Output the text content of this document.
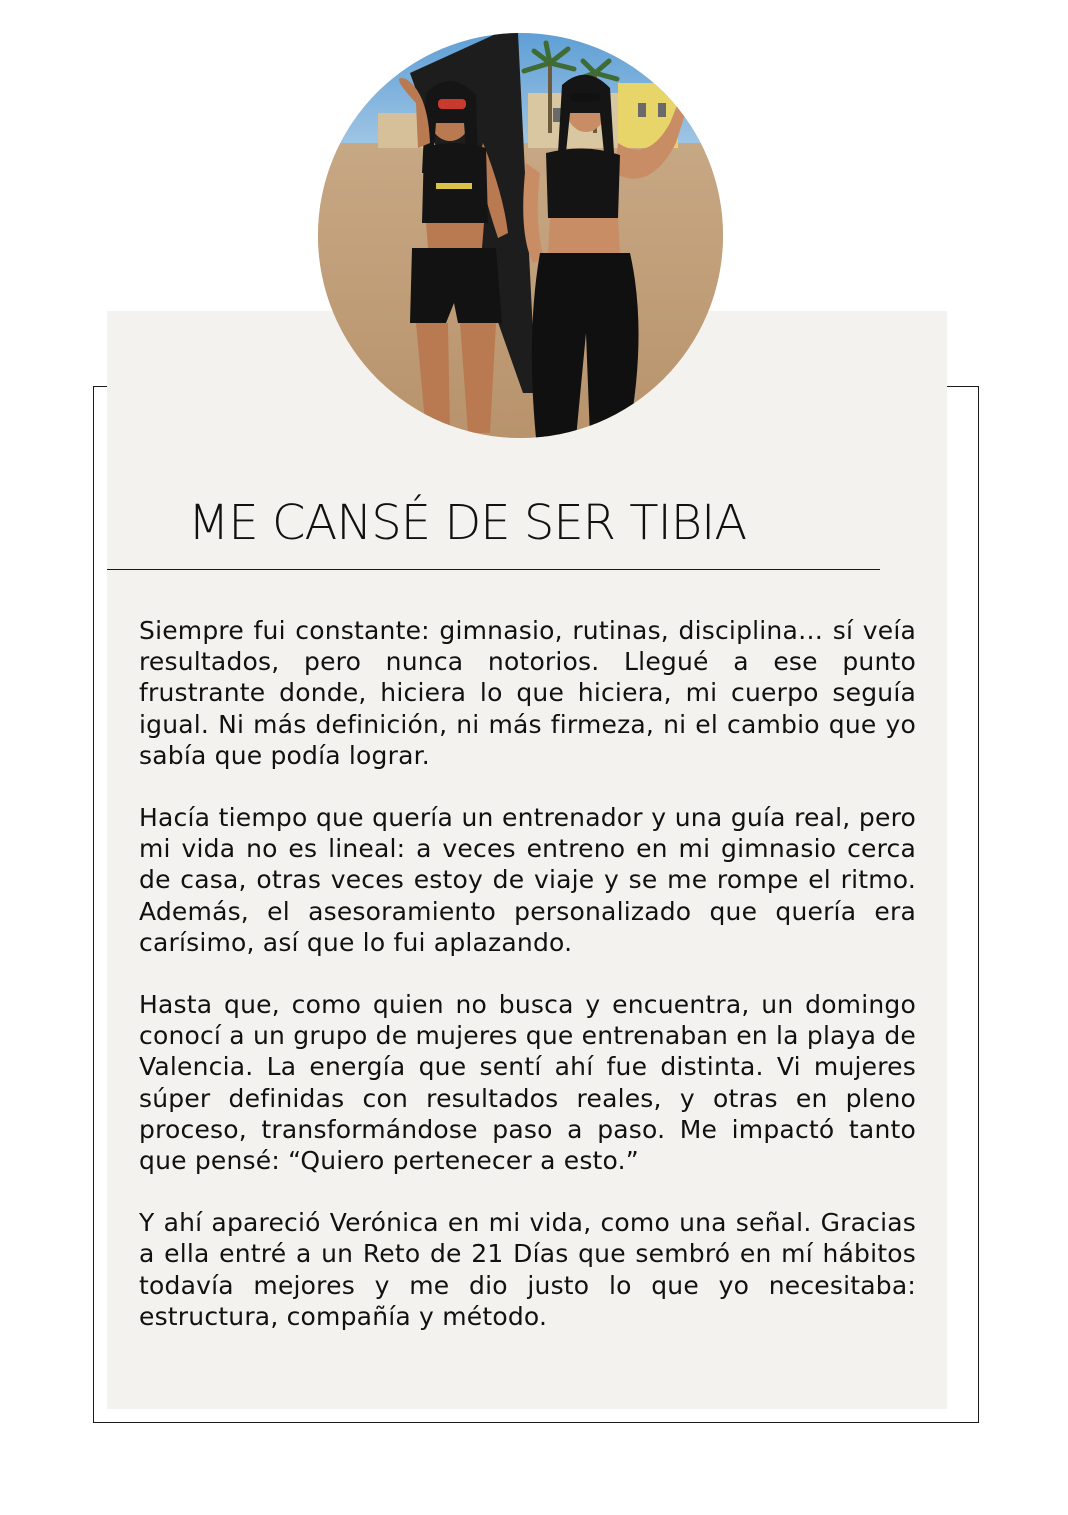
ME CANSÉ DE SER TIBIA

Siempre fui constante: gimnasio, rutinas, disciplina… sí veía resultados, pero nunca notorios. Llegué a ese punto frustrante donde, hiciera lo que hiciera, mi cuerpo seguía igual. Ni más definición, ni más firmeza, ni el cambio que yo sabía que podía lograr.

Hacía tiempo que quería un entrenador y una guía real, pero mi vida no es lineal: a veces entreno en mi gimnasio cerca de casa, otras veces estoy de viaje y se me rompe el ritmo. Además, el asesoramiento personalizado que quería era carísimo, así que lo fui aplazando.

Hasta que, como quien no busca y encuentra, un domingo conocí a un grupo de mujeres que entrenaban en la playa de Valencia. La energía que sentí ahí fue distinta. Vi mujeres súper definidas con resultados reales, y otras en pleno proceso, transformándose paso a paso. Me impactó tanto que pensé: “Quiero pertenecer a esto.”

Y ahí apareció Verónica en mi vida, como una señal. Gracias a ella entré a un Reto de 21 Días que sembró en mí hábitos todavía mejores y me dio justo lo que yo necesitaba: estructura, compañía y método.
